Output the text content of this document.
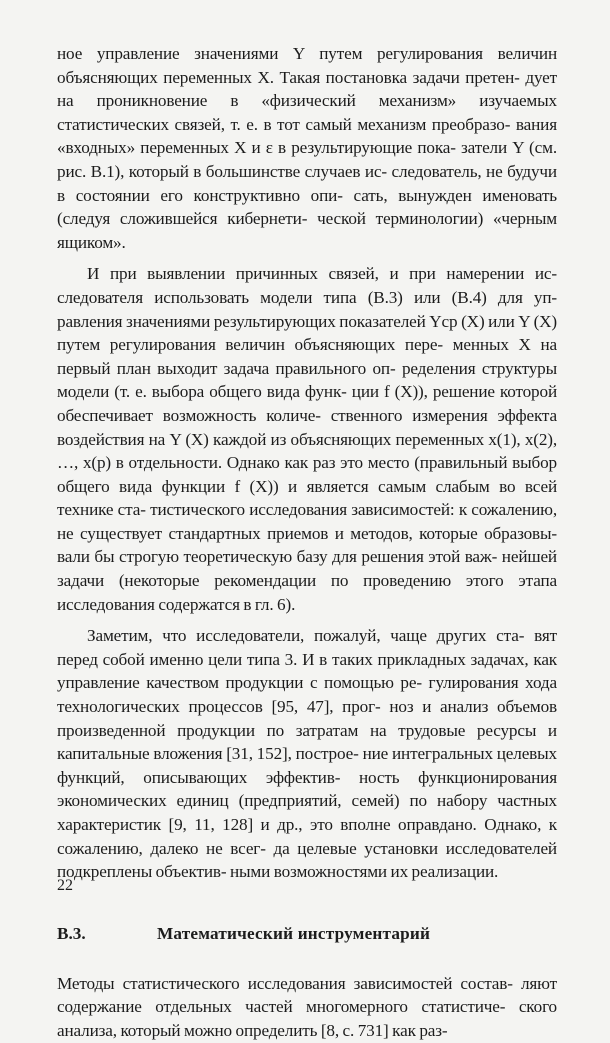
ное управление значениями Y путем регулирования величин объясняющих переменных X. Такая постановка задачи претен- дует на проникновение в «физический механизм» изучаемых статистических связей, т. е. в тот самый механизм преобразо- вания «входных» переменных X и ε в результирующие пока- затели Y (см. рис. В.1), который в большинстве случаев ис- следователь, не будучи в состоянии его конструктивно опи- сать, вынужден именовать (следуя сложившейся кибернети- ческой терминологии) «черным ящиком».

И при выявлении причинных связей, и при намерении ис- следователя использовать модели типа (В.3) или (В.4) для уп- равления значениями результирующих показателей Yср (X) или Y (X) путем регулирования величин объясняющих пере- менных X на первый план выходит задача правильного оп- ределения структуры модели (т. е. выбора общего вида функ- ции f (X)), решение которой обеспечивает возможность количе- ственного измерения эффекта воздействия на Y (X) каждой из объясняющих переменных x(1), x(2), …, x(p) в отдельности. Однако как раз это место (правильный выбор общего вида функции f (X)) и является самым слабым во всей технике ста- тистического исследования зависимостей: к сожалению, не существует стандартных приемов и методов, которые образовы- вали бы строгую теоретическую базу для решения этой важ- нейшей задачи (некоторые рекомендации по проведению этого этапа исследования содержатся в гл. 6).

Заметим, что исследователи, пожалуй, чаще других ста- вят перед собой именно цели типа 3. И в таких прикладных задачах, как управление качеством продукции с помощью ре- гулирования хода технологических процессов [95, 47], прог- ноз и анализ объемов произведенной продукции по затратам на трудовые ресурсы и капитальные вложения [31, 152], построе- ние интегральных целевых функций, описывающих эффектив- ность функционирования экономических единиц (предприятий, семей) по набору частных характеристик [9, 11, 128] и др., это вполне оправдано. Однако, к сожалению, далеко не всег- да целевые установки исследователей подкреплены объектив- ными возможностями их реализации.

В.3.	Математический инструментарий

Методы статистического исследования зависимостей состав- ляют содержание отдельных частей многомерного статистиче- ского анализа, который можно определить [8, с. 731] как раз-

22
